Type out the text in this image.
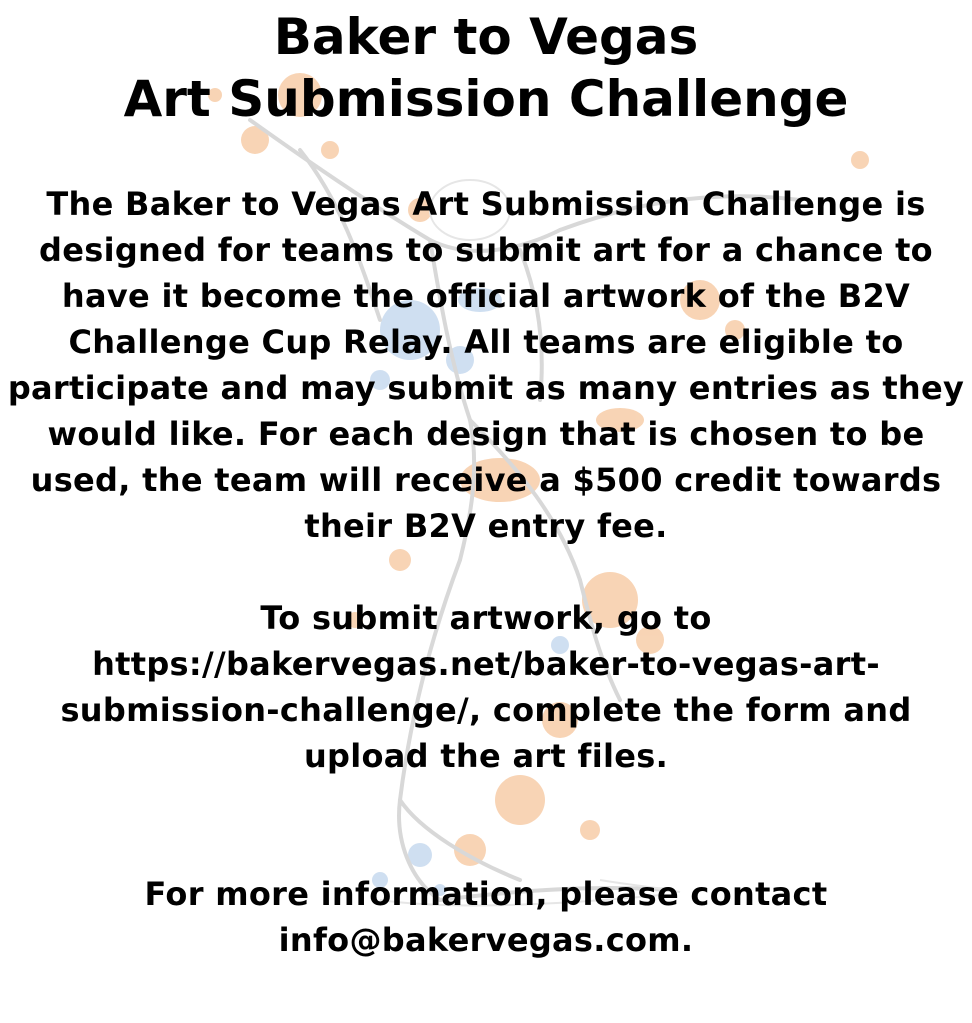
Baker to Vegas
Art Submission Challenge

The Baker to Vegas Art Submission Challenge is designed for teams to submit art for a chance to have it become the official artwork of the B2V Challenge Cup Relay. All teams are eligible to participate and may submit as many entries as they would like. For each design that is chosen to be used, the team will receive a $500 credit towards their B2V entry fee.

To submit artwork, go to https://bakervegas.net/baker-to-vegas-art-submission-challenge/, complete the form and upload the art files.

For more information, please contact info@bakervegas.com.
